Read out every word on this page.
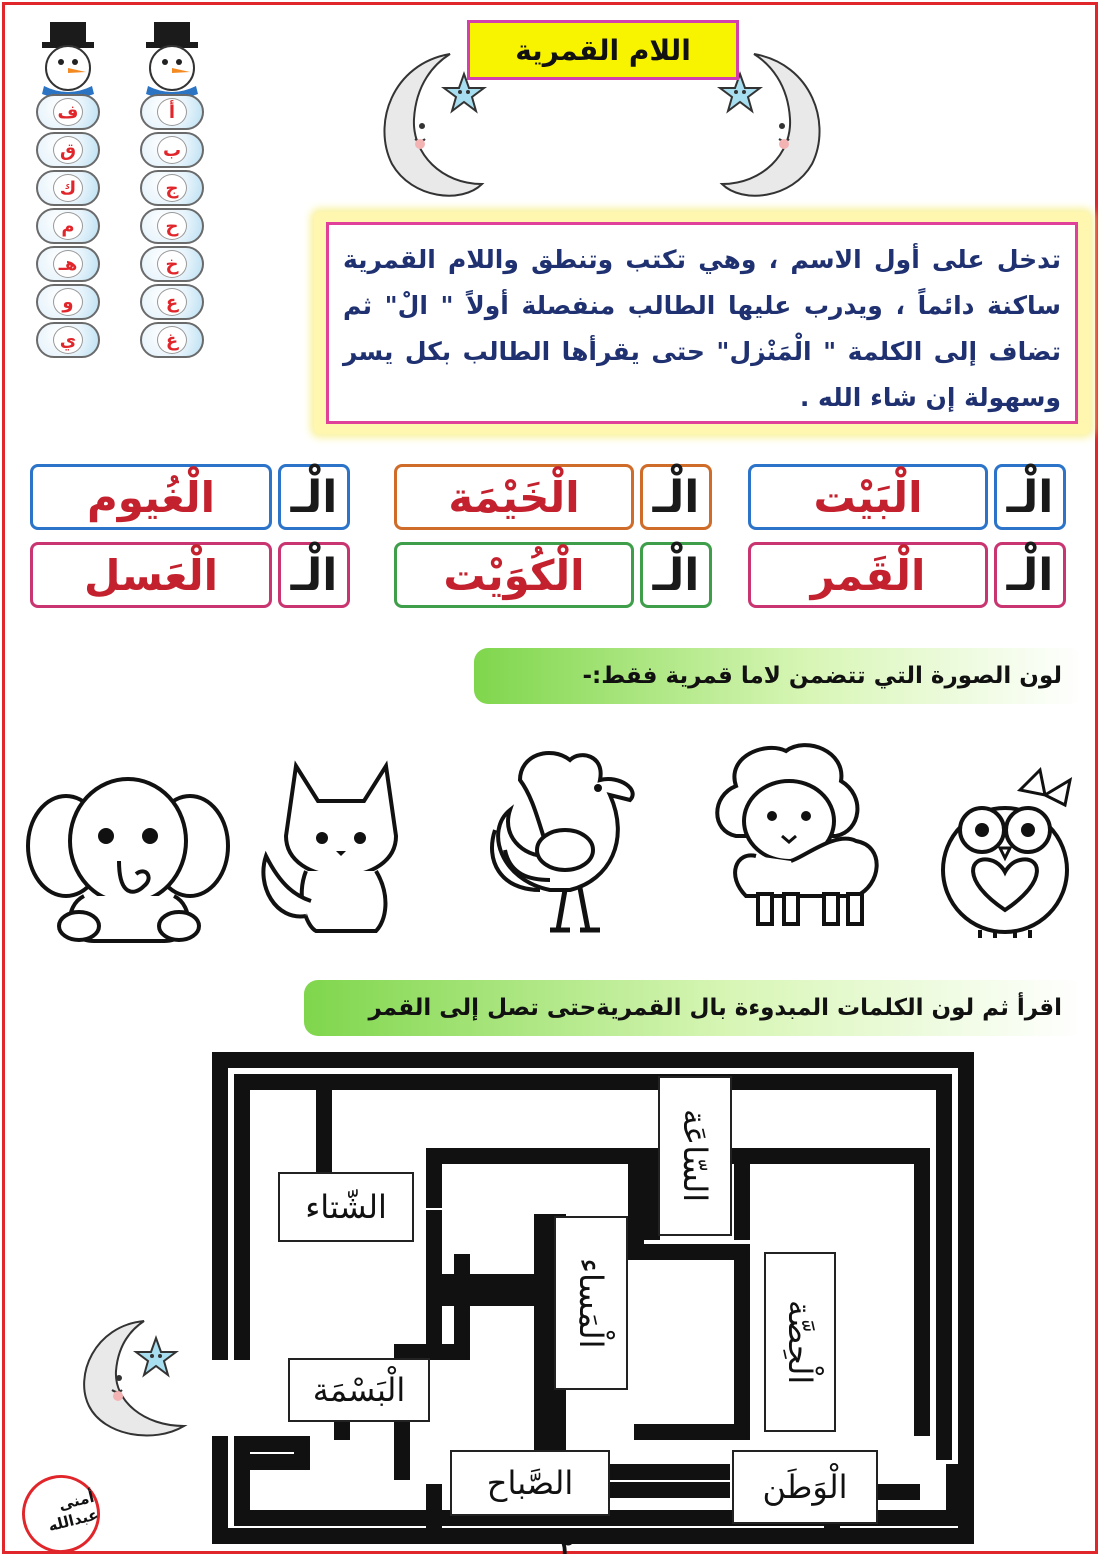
اللام القمرية
ف
ق
ك
م
هـ
و
ي
أ
ب
ج
ح
خ
ع
غ
تدخل على أول الاسم ، وهي تكتب وتنطق واللام القمرية ساكنة دائماً ، ويدرب عليها الطالب منفصلة أولاً " الْ" ثم تضاف إلى الكلمة " الْمَنْزل" حتى يقرأها الطالب بكل يسر وسهولة إن شاء الله .
الْـ
الْبَيْت
الْـ
الْخَيْمَة
الْـ
الْغُيوم
الْـ
الْقَمر
الْـ
الْكُوَيْت
الْـ
الْعَسل
لون الصورة التي تتضمن لاما قمرية فقط:-
اقرأ ثم لون الكلمات المبدوءة بال القمريةحتى تصل إلى القمر
الشّتاء
السّاعَة
الْمَساء	الْحِصَّة
الْبَسْمَة
الصَّباح	الْوَطَن
أمنى عبدالله
٢
